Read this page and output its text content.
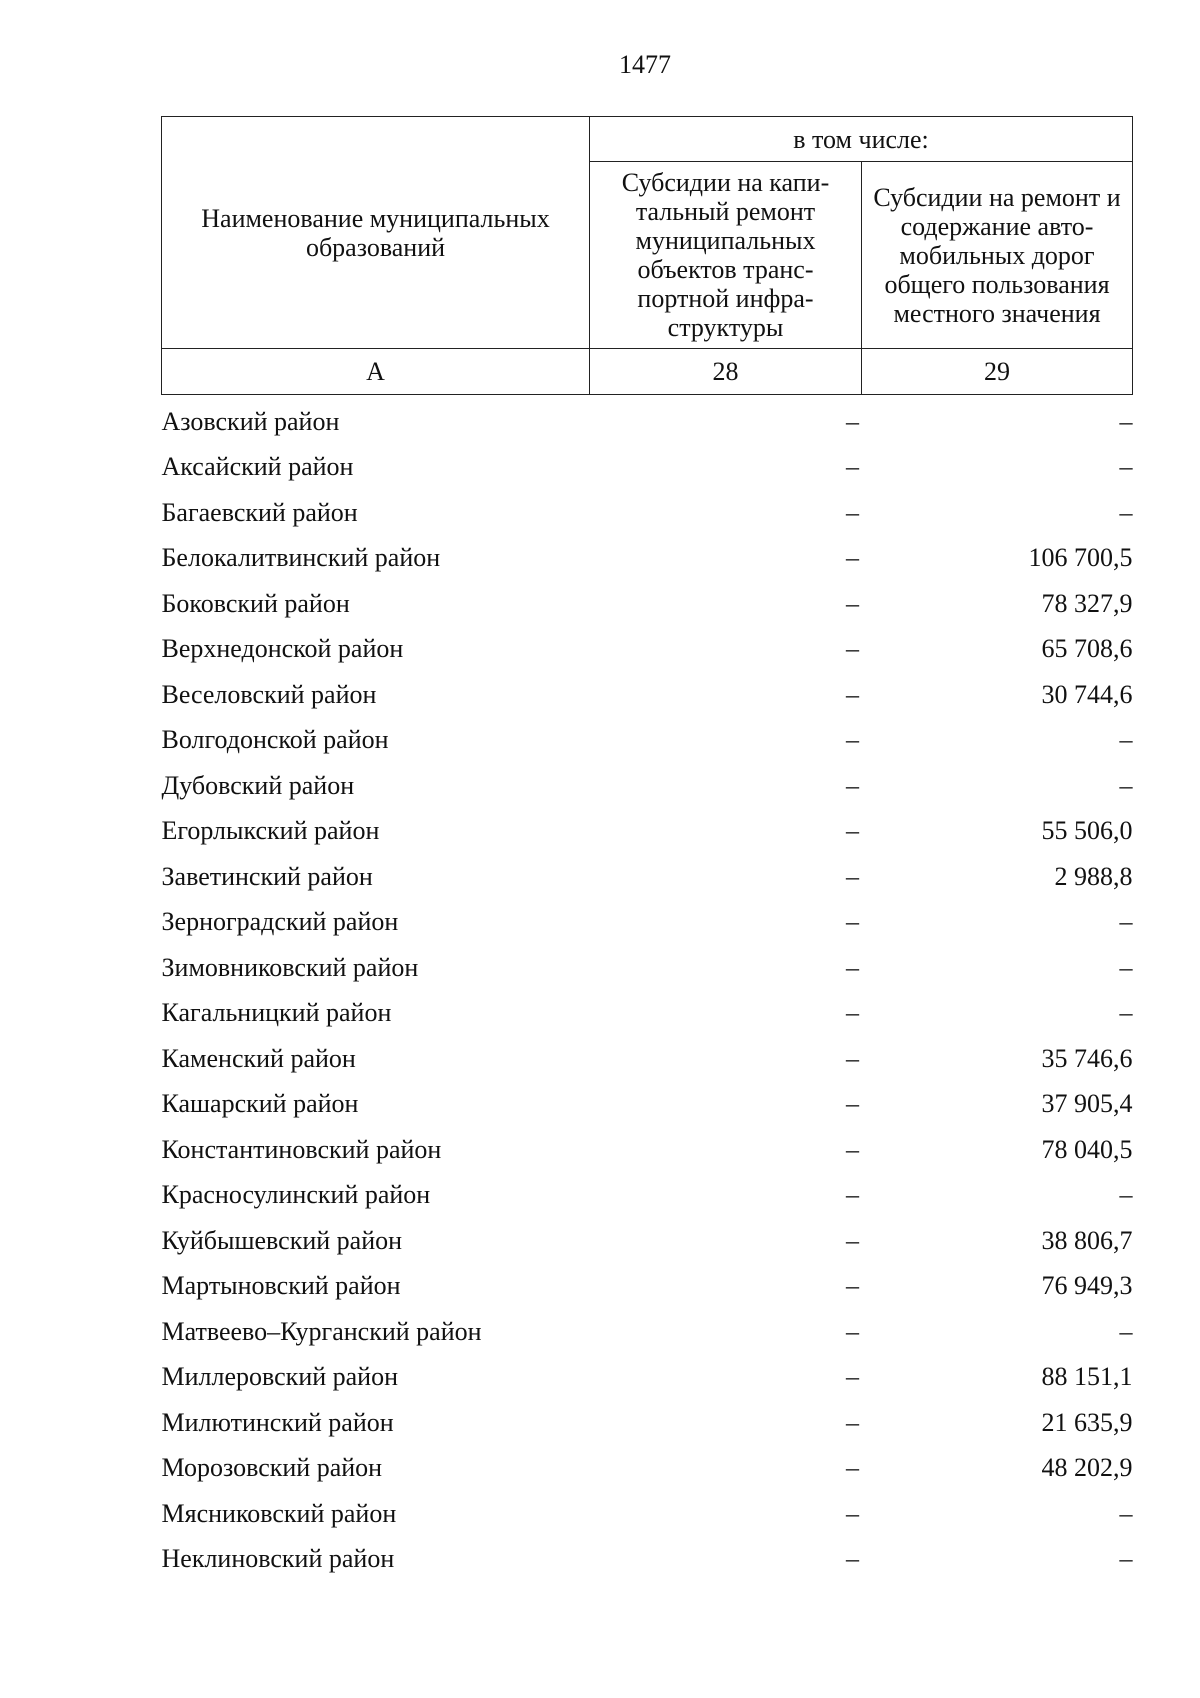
1477
Наименование муниципальных образований	в том числе:	
	Субсидии на капи-тальный ремонт муниципальных объектов транс-портной инфра-структуры	Субсидии на ремонт и содержание авто-мобильных дорог общего пользования местного значения
А	28	29
Азовский район	–	–
Аксайский район	–	–
Багаевский район	–	–
Белокалитвинский район	–	106 700,5
Боковский район	–	78 327,9
Верхнедонской район	–	65 708,6
Веселовский район	–	30 744,6
Волгодонской район	–	–
Дубовский район	–	–
Егорлыкский район	–	55 506,0
Заветинский район	–	2 988,8
Зерноградский район	–	–
Зимовниковский район	–	–
Кагальницкий район	–	–
Каменский район	–	35 746,6
Кашарский район	–	37 905,4
Константиновский район	–	78 040,5
Красносулинский район	–	–
Куйбышевский район	–	38 806,7
Мартыновский район	–	76 949,3
Матвеево–Курганский район	–	–
Миллеровский район	–	88 151,1
Милютинский район	–	21 635,9
Морозовский район	–	48 202,9
Мясниковский район	–	–
Неклиновский район	–	–
